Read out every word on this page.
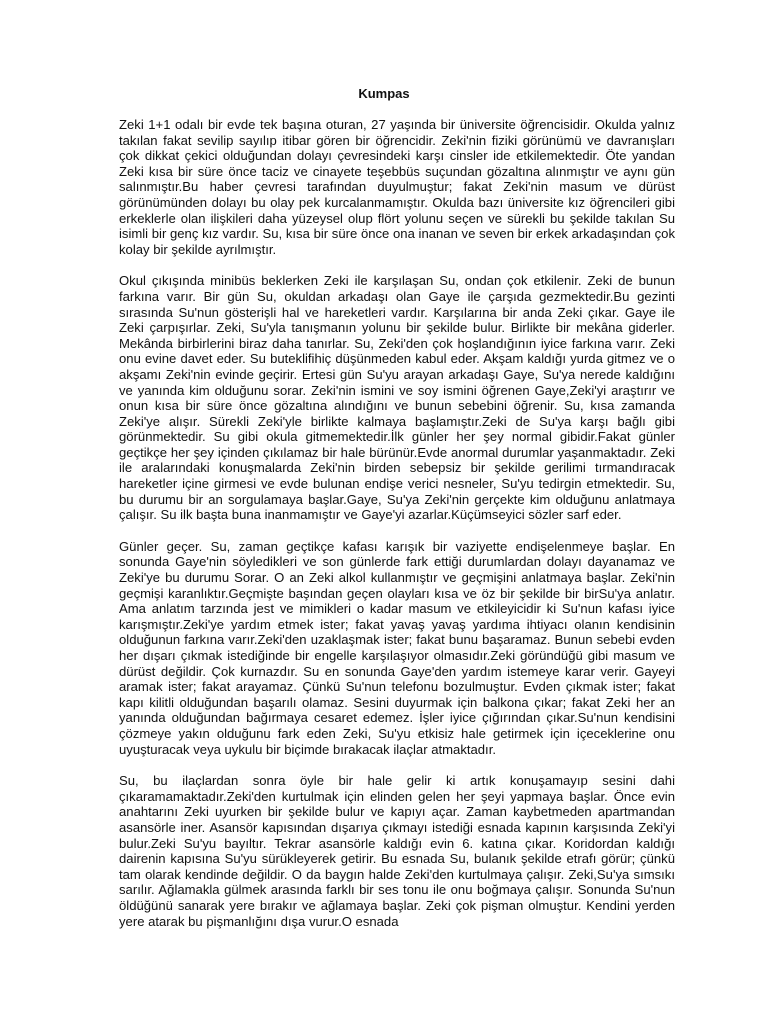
Kumpas

Zeki 1+1 odalı bir evde tek başına oturan, 27 yaşında bir üniversite öğrencisidir. Okulda yalnız takılan fakat sevilip sayılıp itibar gören bir öğrencidir. Zeki'nin fiziki görünümü ve davranışları çok dikkat çekici olduğundan dolayı çevresindeki karşı cinsler ide etkilemektedir. Öte yandan Zeki kısa bir süre önce taciz ve cinayete teşebbüs suçundan gözaltına alınmıştır ve aynı gün salınmıştır.Bu haber çevresi tarafından duyulmuştur; fakat Zeki'nin masum ve dürüst görünümünden dolayı bu olay pek kurcalanmamıştır. Okulda bazı üniversite kız öğrencileri gibi erkeklerle olan ilişkileri daha yüzeysel olup flört yolunu seçen ve sürekli bu şekilde takılan Su isimli bir genç kız vardır. Su, kısa bir süre önce ona inanan ve seven bir erkek arkadaşından çok kolay bir şekilde ayrılmıştır.

Okul çıkışında minibüs beklerken Zeki ile karşılaşan Su, ondan çok etkilenir. Zeki de bunun farkına varır. Bir gün Su, okuldan arkadaşı olan Gaye ile çarşıda gezmektedir.Bu gezinti sırasında Su'nun gösterişli hal ve hareketleri vardır. Karşılarına bir anda Zeki çıkar. Gaye ile Zeki çarpışırlar. Zeki, Su'yla tanışmanın yolunu bir şekilde bulur. Birlikte bir mekâna giderler. Mekânda birbirlerini biraz daha tanırlar. Su, Zeki'den çok hoşlandığının iyice farkına varır. Zeki onu evine davet eder. Su buteklifihiç düşünmeden kabul eder. Akşam kaldığı yurda gitmez ve o akşamı Zeki'nin evinde geçirir. Ertesi gün Su'yu arayan arkadaşı Gaye, Su'ya nerede kaldığını ve yanında kim olduğunu sorar. Zeki'nin ismini ve soy ismini öğrenen Gaye,Zeki'yi araştırır ve onun kısa bir süre önce gözaltına alındığını ve bunun sebebini öğrenir. Su, kısa zamanda Zeki'ye alışır. Sürekli Zeki'yle birlikte kalmaya başlamıştır.Zeki de Su'ya karşı bağlı gibi görünmektedir. Su gibi okula gitmemektedir.İlk günler her şey normal gibidir.Fakat günler geçtikçe her şey içinden çıkılamaz bir hale bürünür.Evde anormal durumlar yaşanmaktadır. Zeki ile aralarındaki konuşmalarda Zeki'nin birden sebepsiz bir şekilde gerilimi tırmandıracak hareketler içine girmesi ve evde bulunan endişe verici nesneler, Su'yu tedirgin etmektedir. Su, bu durumu bir an sorgulamaya başlar.Gaye, Su'ya Zeki'nin gerçekte kim olduğunu anlatmaya çalışır. Su ilk başta buna inanmamıştır ve Gaye'yi azarlar.Küçümseyici sözler sarf eder.

Günler geçer. Su, zaman geçtikçe kafası karışık bir vaziyette endişelenmeye başlar. En sonunda Gaye'nin söyledikleri ve son günlerde fark ettiği durumlardan dolayı dayanamaz ve Zeki'ye bu durumu Sorar. O an Zeki alkol kullanmıştır ve geçmişini anlatmaya başlar. Zeki'nin geçmişi karanlıktır.Geçmişte başından geçen olayları kısa ve öz bir şekilde bir birSu'ya anlatır. Ama anlatım tarzında jest ve mimikleri o kadar masum ve etkileyicidir ki Su'nun kafası iyice karışmıştır.Zeki'ye yardım etmek ister; fakat yavaş yavaş yardıma ihtiyacı olanın kendisinin olduğunun farkına varır.Zeki'den uzaklaşmak ister; fakat bunu başaramaz. Bunun sebebi evden her dışarı çıkmak istediğinde bir engelle karşılaşıyor olmasıdır.Zeki göründüğü gibi masum ve dürüst değildir. Çok kurnazdır. Su en sonunda Gaye'den yardım istemeye karar verir. Gayeyi aramak ister; fakat arayamaz. Çünkü Su'nun telefonu bozulmuştur. Evden çıkmak ister; fakat kapı kilitli olduğundan başarılı olamaz. Sesini duyurmak için balkona çıkar; fakat Zeki her an yanında olduğundan bağırmaya cesaret edemez. İşler iyice çığırından çıkar.Su'nun kendisini çözmeye yakın olduğunu fark eden Zeki, Su'yu etkisiz hale getirmek için içeceklerine onu uyuşturacak veya uykulu bir biçimde bırakacak ilaçlar atmaktadır.

Su, bu ilaçlardan sonra öyle bir hale gelir ki artık konuşamayıp sesini dahi çıkaramamaktadır.Zeki'den kurtulmak için elinden gelen her şeyi yapmaya başlar. Önce evin anahtarını Zeki uyurken bir şekilde bulur ve kapıyı açar. Zaman kaybetmeden apartmandan asansörle iner. Asansör kapısından dışarıya çıkmayı istediği esnada kapının karşısında Zeki'yi bulur.Zeki Su'yu bayıltır. Tekrar asansörle kaldığı evin 6. katına çıkar. Koridordan kaldığı dairenin kapısına Su'yu sürükleyerek getirir. Bu esnada Su, bulanık şekilde etrafı görür; çünkü tam olarak kendinde değildir. O da baygın halde Zeki'den kurtulmaya çalışır. Zeki,Su'ya sımsıkı sarılır. Ağlamakla gülmek arasında farklı bir ses tonu ile onu boğmaya çalışır. Sonunda Su'nun öldüğünü sanarak yere bırakır ve ağlamaya başlar. Zeki çok pişman olmuştur. Kendini yerden yere atarak bu pişmanlığını dışa vurur.O esnada
